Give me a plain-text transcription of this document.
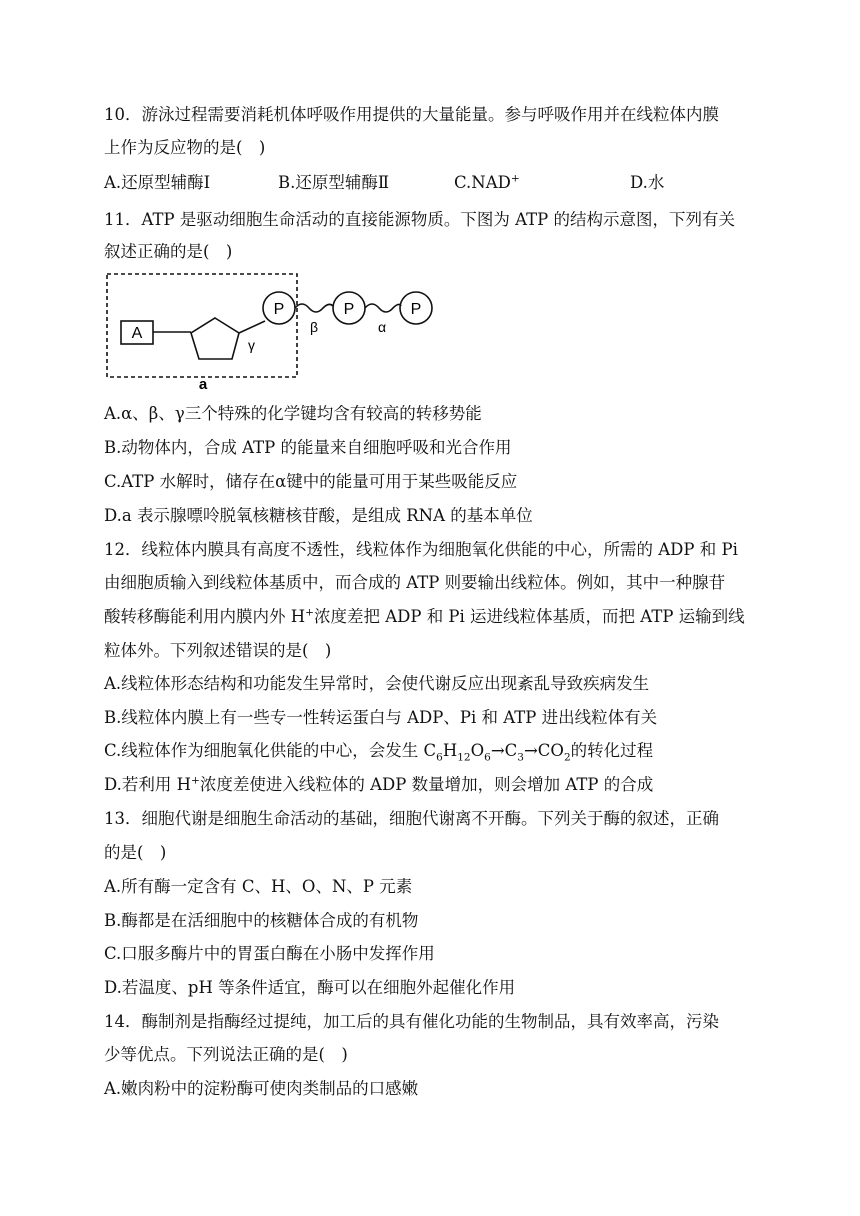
10．游泳过程需要消耗机体呼吸作用提供的大量能量。参与呼吸作用并在线粒体内膜
上作为反应物的是(　)
A.还原型辅酶Ⅰ	B.还原型辅酶Ⅱ	C.NAD+	D.水
11．ATP 是驱动细胞生命活动的直接能源物质。下图为 ATP 的结构示意图，下列有关
叙述正确的是(　)
A
γ
P
β
P
α
P
a
A.α、β、γ三个特殊的化学键均含有较高的转移势能
B.动物体内，合成 ATP 的能量来自细胞呼吸和光合作用
C.ATP 水解时，储存在α键中的能量可用于某些吸能反应
D.a 表示腺嘌呤脱氧核糖核苷酸，是组成 RNA 的基本单位
12．线粒体内膜具有高度不透性，线粒体作为细胞氧化供能的中心，所需的 ADP 和 Pi
由细胞质输入到线粒体基质中，而合成的 ATP 则要输出线粒体。例如，其中一种腺苷
酸转移酶能利用内膜内外 H+浓度差把 ADP 和 Pi 运进线粒体基质，而把 ATP 运输到线
粒体外。下列叙述错误的是(　)
A.线粒体形态结构和功能发生异常时，会使代谢反应出现紊乱导致疾病发生
B.线粒体内膜上有一些专一性转运蛋白与 ADP、Pi 和 ATP 进出线粒体有关
C.线粒体作为细胞氧化供能的中心，会发生 $C_6H_{12}O_6\to C_3\to CO_2$的转化过程
D.若利用 H+浓度差使进入线粒体的 ADP 数量增加，则会增加 ATP 的合成
13．细胞代谢是细胞生命活动的基础，细胞代谢离不开酶。下列关于酶的叙述，正确
的是(　)
A.所有酶一定含有 C、H、O、N、P 元素
B.酶都是在活细胞中的核糖体合成的有机物
C.口服多酶片中的胃蛋白酶在小肠中发挥作用
D.若温度、pH 等条件适宜，酶可以在细胞外起催化作用
14．酶制剂是指酶经过提纯，加工后的具有催化功能的生物制品，具有效率高，污染
少等优点。下列说法正确的是(　)
A.嫩肉粉中的淀粉酶可使肉类制品的口感嫩
